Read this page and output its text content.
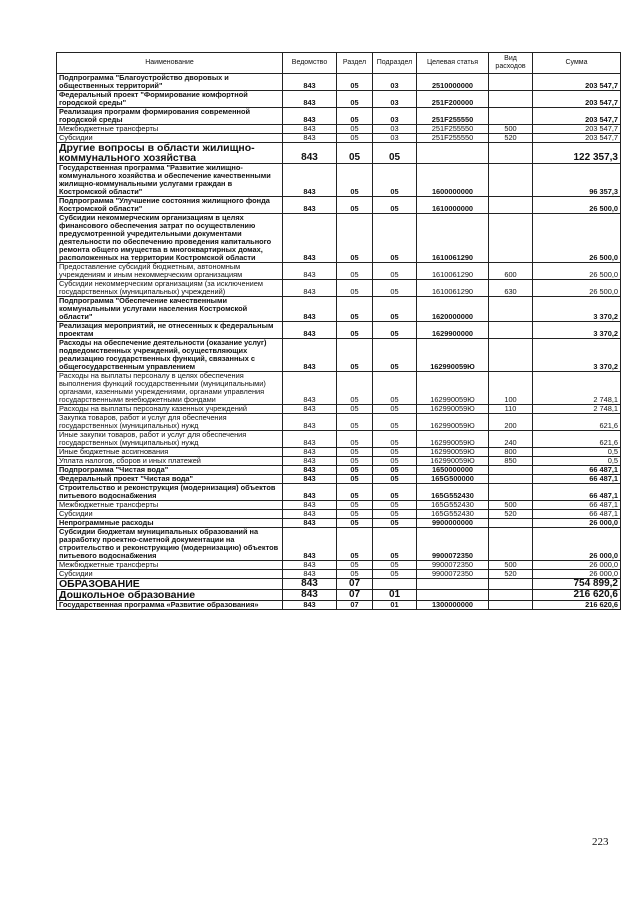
Наименование	Ведомство	Раздел	Подраздел	Целевая статья	Вид расходов	Сумма
Подпрограмма "Благоустройство дворовых и общественных территорий"	843	05	03	2510000000		203 547,7
Федеральный проект "Формирование комфортной городской среды"	843	05	03	251F200000		203 547,7
Реализация программ формирования современной городской среды	843	05	03	251F255550		203 547,7
Межбюджетные трансферты	843	05	03	251F255550	500	203 547,7
Субсидии	843	05	03	251F255550	520	203 547,7
Другие вопросы в области жилищно-коммунального хозяйства	843	05	05			122 357,3
Государственная программа "Развитие жилищно-коммунального хозяйства и обеспечение качественными жилищно-коммунальными услугами граждан в Костромской области"	843	05	05	1600000000		96 357,3
Подпрограмма "Улучшение состояния жилищного фонда Костромской области"	843	05	05	1610000000		26 500,0
Субсидии некоммерческим организациям в целях финансового обеспечения затрат по осуществлению предусмотренной учредительными документами деятельности по обеспечению проведения капитального ремонта общего имущества в многоквартирных домах, расположенных на территории Костромской области	843	05	05	1610061290		26 500,0
Предоставление субсидий бюджетным, автономным учреждениям и иным некоммерческим организациям	843	05	05	1610061290	600	26 500,0
Субсидии некоммерческим организациям (за исключением государственных (муниципальных) учреждений)	843	05	05	1610061290	630	26 500,0
Подпрограмма "Обеспечение качественными коммунальными услугами населения Костромской области"	843	05	05	1620000000		3 370,2
Реализация мероприятий, не отнесенных к федеральным проектам	843	05	05	1629900000		3 370,2
Расходы на обеспечение деятельности (оказание услуг) подведомственных учреждений, осуществляющих реализацию государственных функций, связанных с общегосударственным управлением	843	05	05	162990059Ю		3 370,2
Расходы на выплаты персоналу в целях обеспечения выполнения функций государственными (муниципальными) органами, казенными учреждениями, органами управления государственными внебюджетными фондами	843	05	05	162990059Ю	100	2 748,1
Расходы на выплаты персоналу казенных учреждений	843	05	05	162990059Ю	110	2 748,1
Закупка товаров, работ и услуг для обеспечения государственных (муниципальных) нужд	843	05	05	162990059Ю	200	621,6
Иные закупки товаров, работ и услуг для обеспечения государственных (муниципальных) нужд	843	05	05	162990059Ю	240	621,6
Иные бюджетные ассигнования	843	05	05	162990059Ю	800	0,5
Уплата налогов, сборов и иных платежей	843	05	05	162990059Ю	850	0,5
Подпрограмма "Чистая вода"	843	05	05	1650000000		66 487,1
Федеральный проект "Чистая вода"	843	05	05	165G500000		66 487,1
Строительство и реконструкция (модернизация) объектов питьевого водоснабжения	843	05	05	165G552430		66 487,1
Межбюджетные трансферты	843	05	05	165G552430	500	66 487,1
Субсидии	843	05	05	165G552430	520	66 487,1
Непрограммные расходы	843	05	05	9900000000		26 000,0
Субсидии бюджетам муниципальных образований на разработку проектно-сметной документации на строительство и реконструкцию (модернизацию) объектов питьевого водоснабжения	843	05	05	9900072350		26 000,0
Межбюджетные трансферты	843	05	05	9900072350	500	26 000,0
Субсидии	843	05	05	9900072350	520	26 000,0
ОБРАЗОВАНИЕ	843	07				754 899,2
Дошкольное образование	843	07	01			216 620,6
Государственная программа «Развитие образования»	843	07	01	1300000000		216 620,6
223
